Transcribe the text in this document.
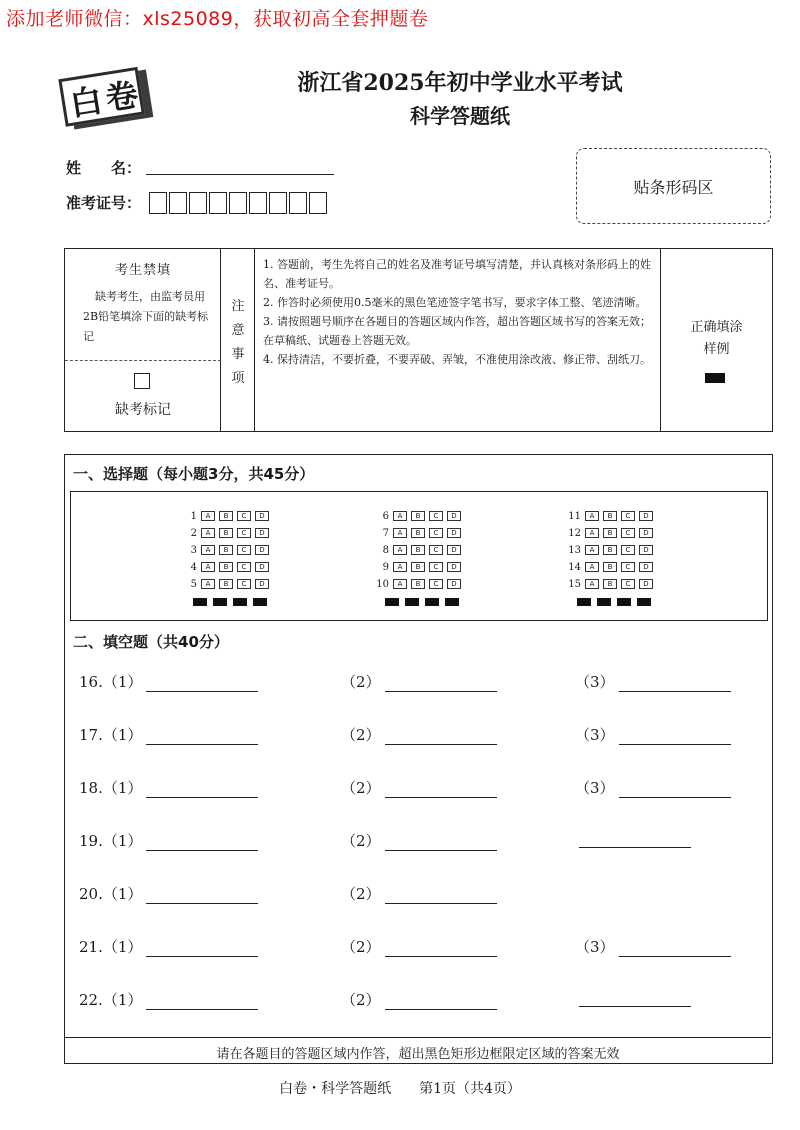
添加老师微信：xls25089，获取初高全套押题卷
白卷	浙江省2025年初中学业水平考试
科学答题纸
姓　　名：
准考证号：
贴条形码区
考生禁填
缺考考生，由监考员用2B铅笔填涂下面的缺考标记
缺考标记
注意事项
1. 答题前，考生先将自己的姓名及准考证号填写清楚，并认真核对条形码上的姓名、准考证号。
2. 作答时必须使用0.5毫米的黑色笔迹签字笔书写，要求字体工整、笔迹清晰。
3. 请按照题号顺序在各题目的答题区域内作答，超出答题区域书写的答案无效；在草稿纸、试题卷上答题无效。
4. 保持清洁，不要折叠，不要弄破、弄皱，不准使用涂改液、修正带、刮纸刀。
正确填涂
样例
一、选择题（每小题3分，共45分）
1	A	B	C	D
2	A	B	C	D
3	A	B	C	D
4	A	B	C	D
5	A	B	C	D
6	A	B	C	D
7	A	B	C	D
8	A	B	C	D
9	A	B	C	D
10	A	B	C	D
11	A	B	C	D
12	A	B	C	D
13	A	B	C	D
14	A	B	C	D
15	A	B	C	D
二、填空题（共40分）
16.（1）	（2）	（3）
17.（1）	（2）	（3）
18.（1）	（2）	（3）
19.（1）	（2）
20.（1）	（2）
21.（1）	（2）	（3）
22.（1）	（2）
请在各题目的答题区域内作答，超出黑色矩形边框限定区域的答案无效
白卷・科学答题纸　　第1页（共4页）
